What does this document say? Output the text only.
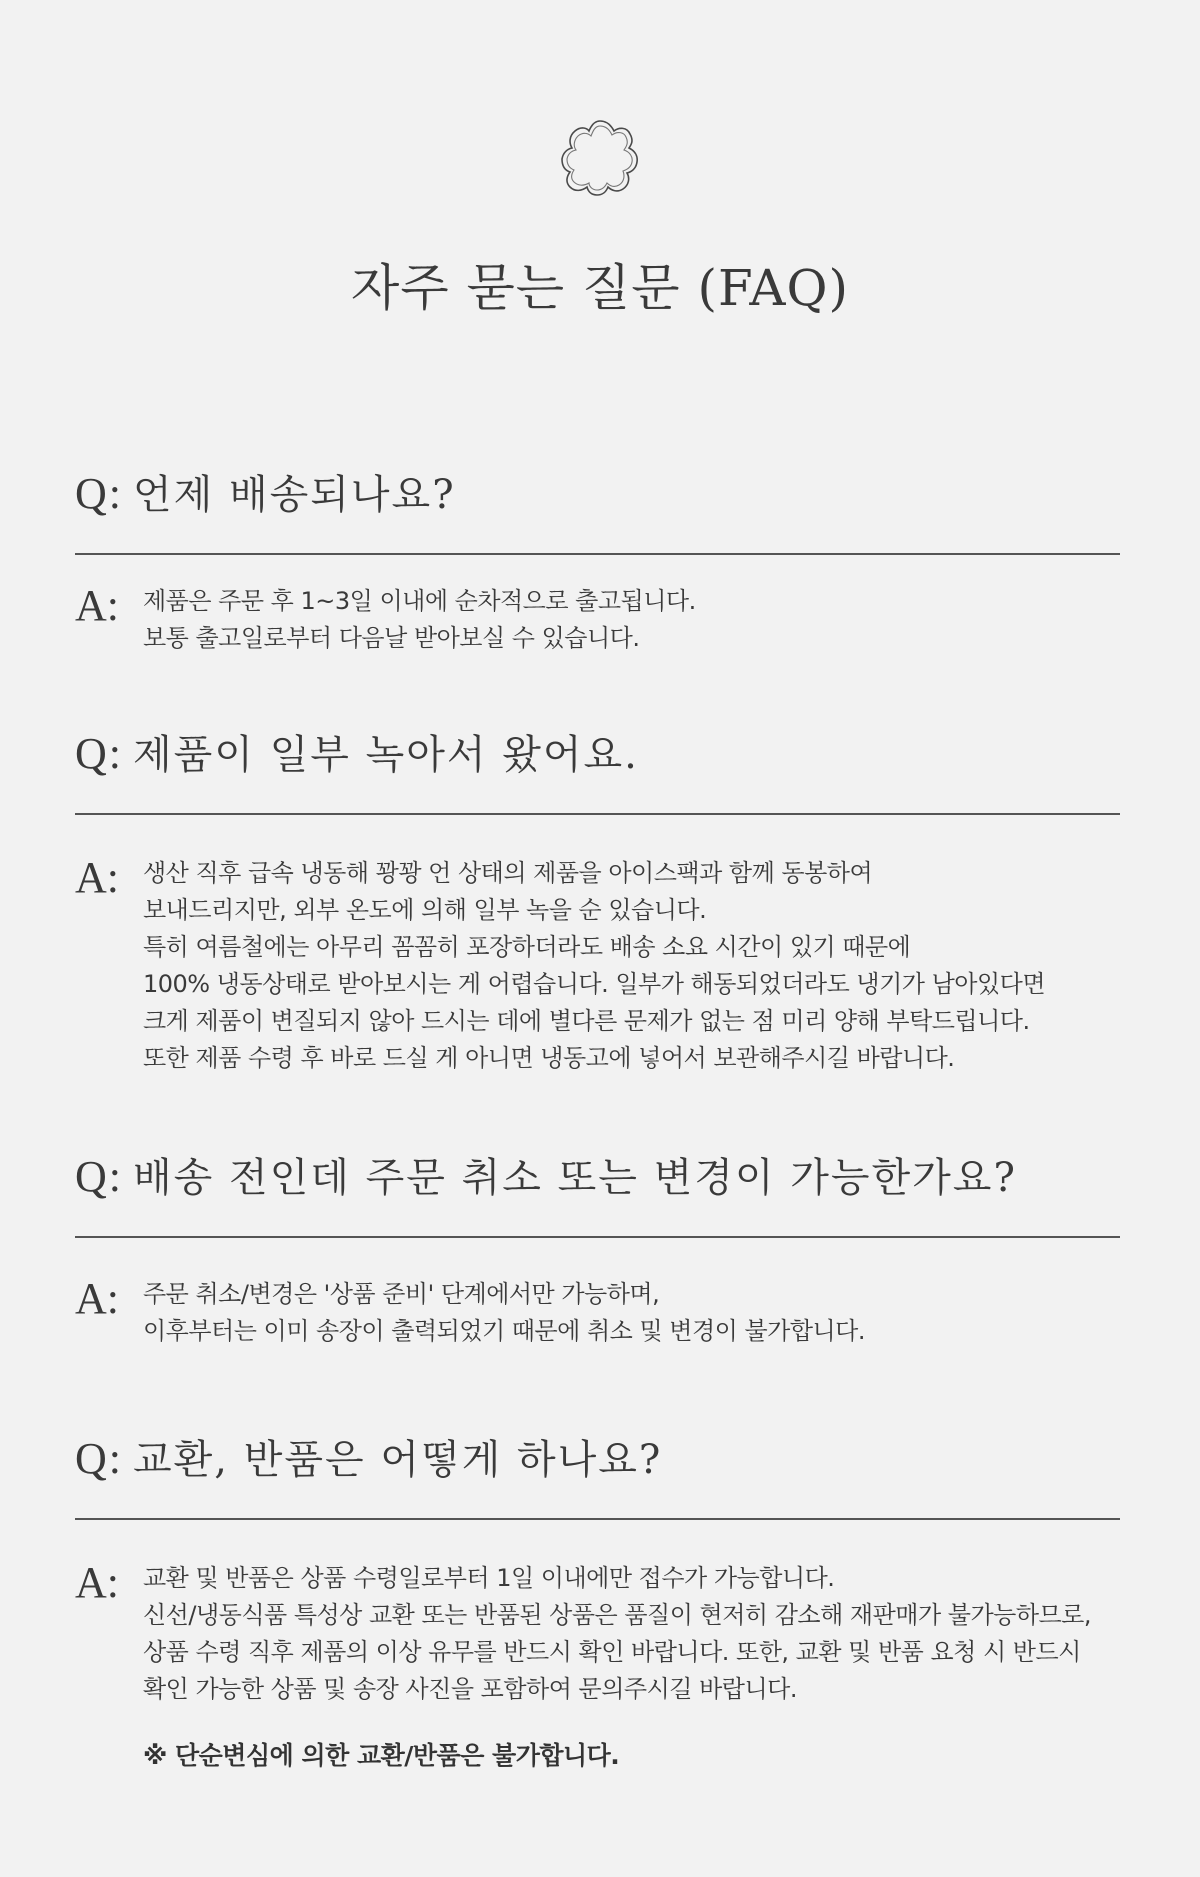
자주 묻는 질문 (FAQ)
Q: 언제 배송되나요?
A: 제품은 주문 후 1~3일 이내에 순차적으로 출고됩니다.
보통 출고일로부터 다음날 받아보실 수 있습니다.
Q: 제품이 일부 녹아서 왔어요.
A: 생산 직후 급속 냉동해 꽝꽝 언 상태의 제품을 아이스팩과 함께 동봉하여
보내드리지만, 외부 온도에 의해 일부 녹을 순 있습니다.
특히 여름철에는 아무리 꼼꼼히 포장하더라도 배송 소요 시간이 있기 때문에
100% 냉동상태로 받아보시는 게 어렵습니다. 일부가 해동되었더라도 냉기가 남아있다면
크게 제품이 변질되지 않아 드시는 데에 별다른 문제가 없는 점 미리 양해 부탁드립니다.
또한 제품 수령 후 바로 드실 게 아니면 냉동고에 넣어서 보관해주시길 바랍니다.
Q: 배송 전인데 주문 취소 또는 변경이 가능한가요?
A: 주문 취소/변경은 '상품 준비' 단계에서만 가능하며,
이후부터는 이미 송장이 출력되었기 때문에 취소 및 변경이 불가합니다.
Q: 교환, 반품은 어떻게 하나요?
A: 교환 및 반품은 상품 수령일로부터 1일 이내에만 접수가 가능합니다.
신선/냉동식품 특성상 교환 또는 반품된 상품은 품질이 현저히 감소해 재판매가 불가능하므로,
상품 수령 직후 제품의 이상 유무를 반드시 확인 바랍니다. 또한, 교환 및 반품 요청 시 반드시
확인 가능한 상품 및 송장 사진을 포함하여 문의주시길 바랍니다.
※ 단순변심에 의한 교환/반품은 불가합니다.
